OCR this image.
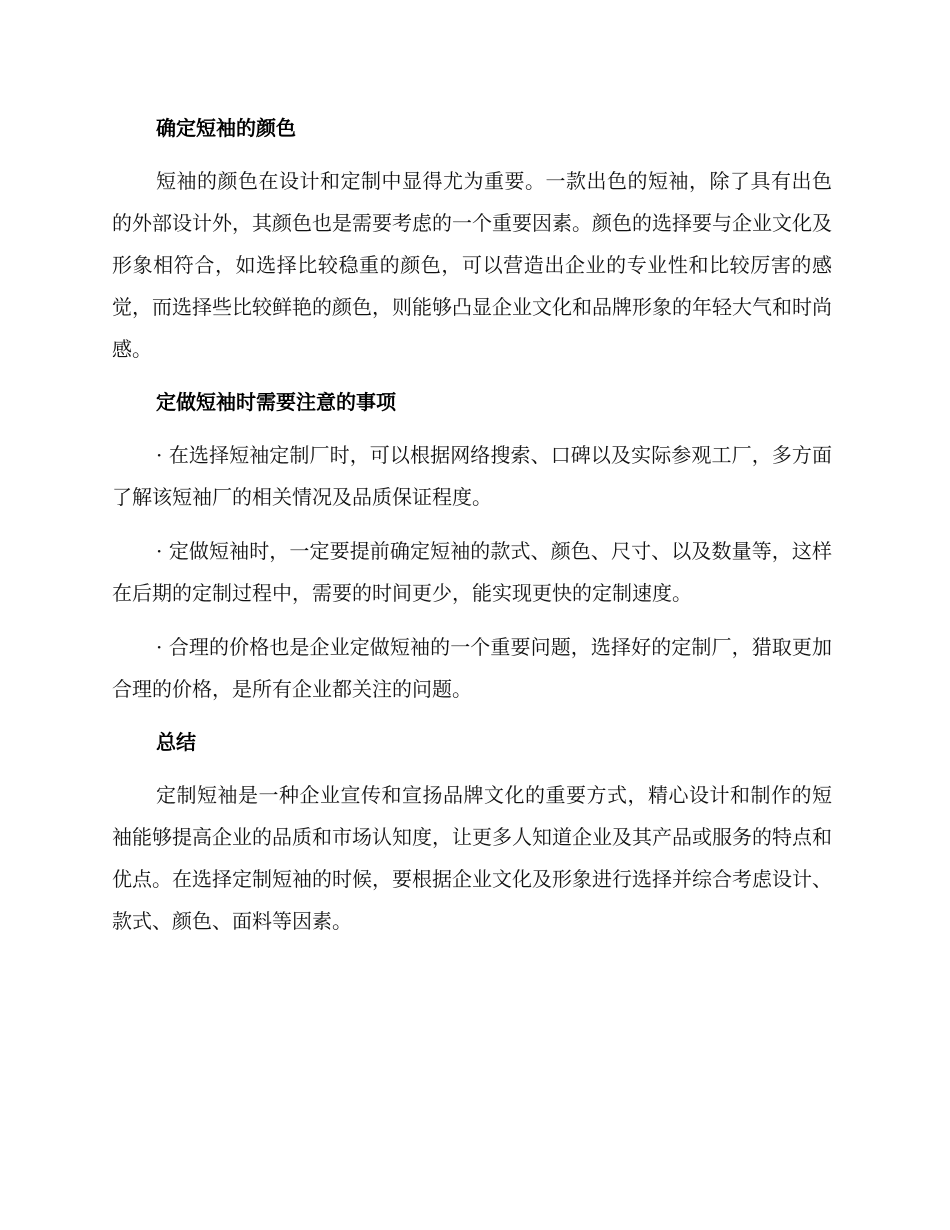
确定短袖的颜色

短袖的颜色在设计和定制中显得尤为重要。一款出色的短袖，除了具有出色的外部设计外，其颜色也是需要考虑的一个重要因素。颜色的选择要与企业文化及形象相符合，如选择比较稳重的颜色，可以营造出企业的专业性和比较厉害的感觉，而选择些比较鲜艳的颜色，则能够凸显企业文化和品牌形象的年轻大气和时尚感。

定做短袖时需要注意的事项

· 在选择短袖定制厂时，可以根据网络搜索、口碑以及实际参观工厂，多方面了解该短袖厂的相关情况及品质保证程度。

· 定做短袖时，一定要提前确定短袖的款式、颜色、尺寸、以及数量等，这样在后期的定制过程中，需要的时间更少，能实现更快的定制速度。

· 合理的价格也是企业定做短袖的一个重要问题，选择好的定制厂，猎取更加合理的价格，是所有企业都关注的问题。

总结

定制短袖是一种企业宣传和宣扬品牌文化的重要方式，精心设计和制作的短袖能够提高企业的品质和市场认知度，让更多人知道企业及其产品或服务的特点和优点。在选择定制短袖的时候，要根据企业文化及形象进行选择并综合考虑设计、款式、颜色、面料等因素。
